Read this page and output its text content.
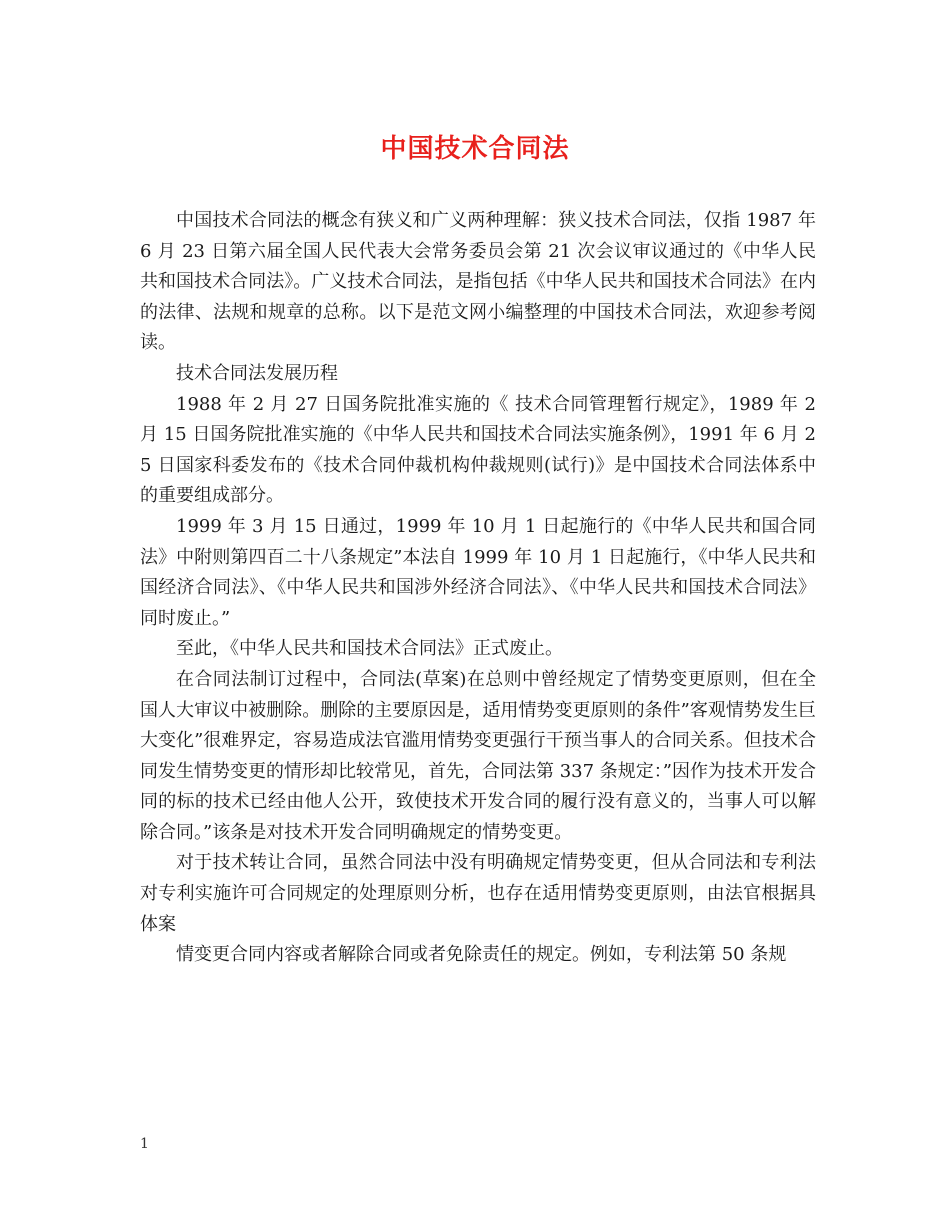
中国技术合同法

中国技术合同法的概念有狭义和广义两种理解：狭义技术合同法，仅指 1987 年 6 月 23 日第六届全国人民代表大会常务委员会第 21 次会议审议通过的《中华人民共和国技术合同法》。广义技术合同法，是指包括《中华人民共和国技术合同法》在内的法律、法规和规章的总称。以下是范文网小编整理的中国技术合同法，欢迎参考阅读。

技术合同法发展历程

1988 年 2 月 27 日国务院批准实施的《 技术合同管理暂行规定》，1989 年 2 月 15 日国务院批准实施的《中华人民共和国技术合同法实施条例》，1991 年 6 月 25 日国家科委发布的《技术合同仲裁机构仲裁规则(试行)》是中国技术合同法体系中的重要组成部分。

1999 年 3 月 15 日通过，1999 年 10 月 1 日起施行的《中华人民共和国合同法》中附则第四百二十八条规定”本法自 1999 年 10 月 1 日起施行，《中华人民共和国经济合同法》、《中华人民共和国涉外经济合同法》、《中华人民共和国技术合同法》同时废止。”

至此，《中华人民共和国技术合同法》正式废止。

在合同法制订过程中，合同法(草案)在总则中曾经规定了情势变更原则，但在全国人大审议中被删除。删除的主要原因是，适用情势变更原则的条件”客观情势发生巨大变化”很难界定，容易造成法官滥用情势变更强行干预当事人的合同关系。但技术合同发生情势变更的情形却比较常见，首先，合同法第 337 条规定：”因作为技术开发合同的标的技术已经由他人公开，致使技术开发合同的履行没有意义的，当事人可以解除合同。”该条是对技术开发合同明确规定的情势变更。

对于技术转让合同，虽然合同法中没有明确规定情势变更，但从合同法和专利法对专利实施许可合同规定的处理原则分析，也存在适用情势变更原则，由法官根据具体案

情变更合同内容或者解除合同或者免除责任的规定。例如，专利法第 50 条规

1
